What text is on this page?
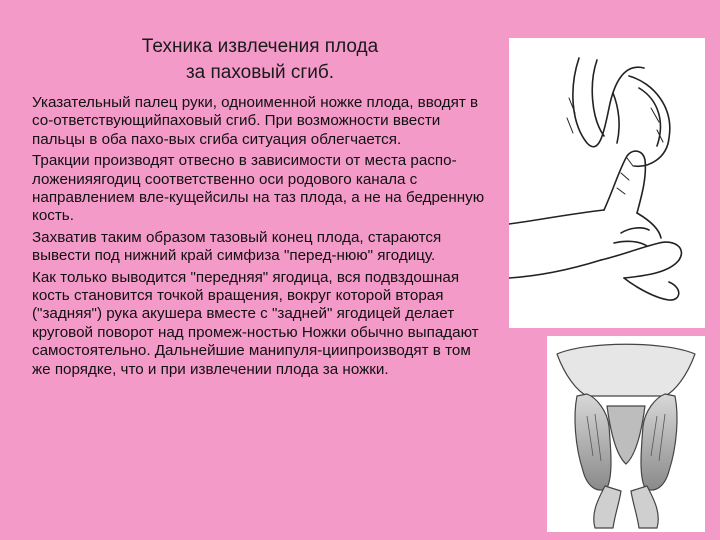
Техника извлечения плода
за паховый сгиб.

Указательный палец руки, одноименной ножке плода, вводят в со-ответствующийпаховый сгиб. При возможности ввести пальцы в оба пахо-вых сгиба ситуация облегчается.

Тракции производят отвесно в зависимости от места распо-ложенияягодиц соответственно оси родового канала с направлением вле-кущейсилы на таз плода, а не на бедренную кость.

Захватив таким образом тазовый конец плода, стараются вывести под нижний край симфиза "перед-нюю" ягодицу.

Как только выводится "передняя" ягодица, вся подвздошная кость становится точкой вращения, вокруг которой вторая ("задняя") рука акушера вместе с "задней" ягодицей делает круговой поворот над промеж-ностью Ножки обычно выпадают самостоятельно. Дальнейшие манипуля-циипроизводят в том же порядке, что и при извлечении плода за ножки.
